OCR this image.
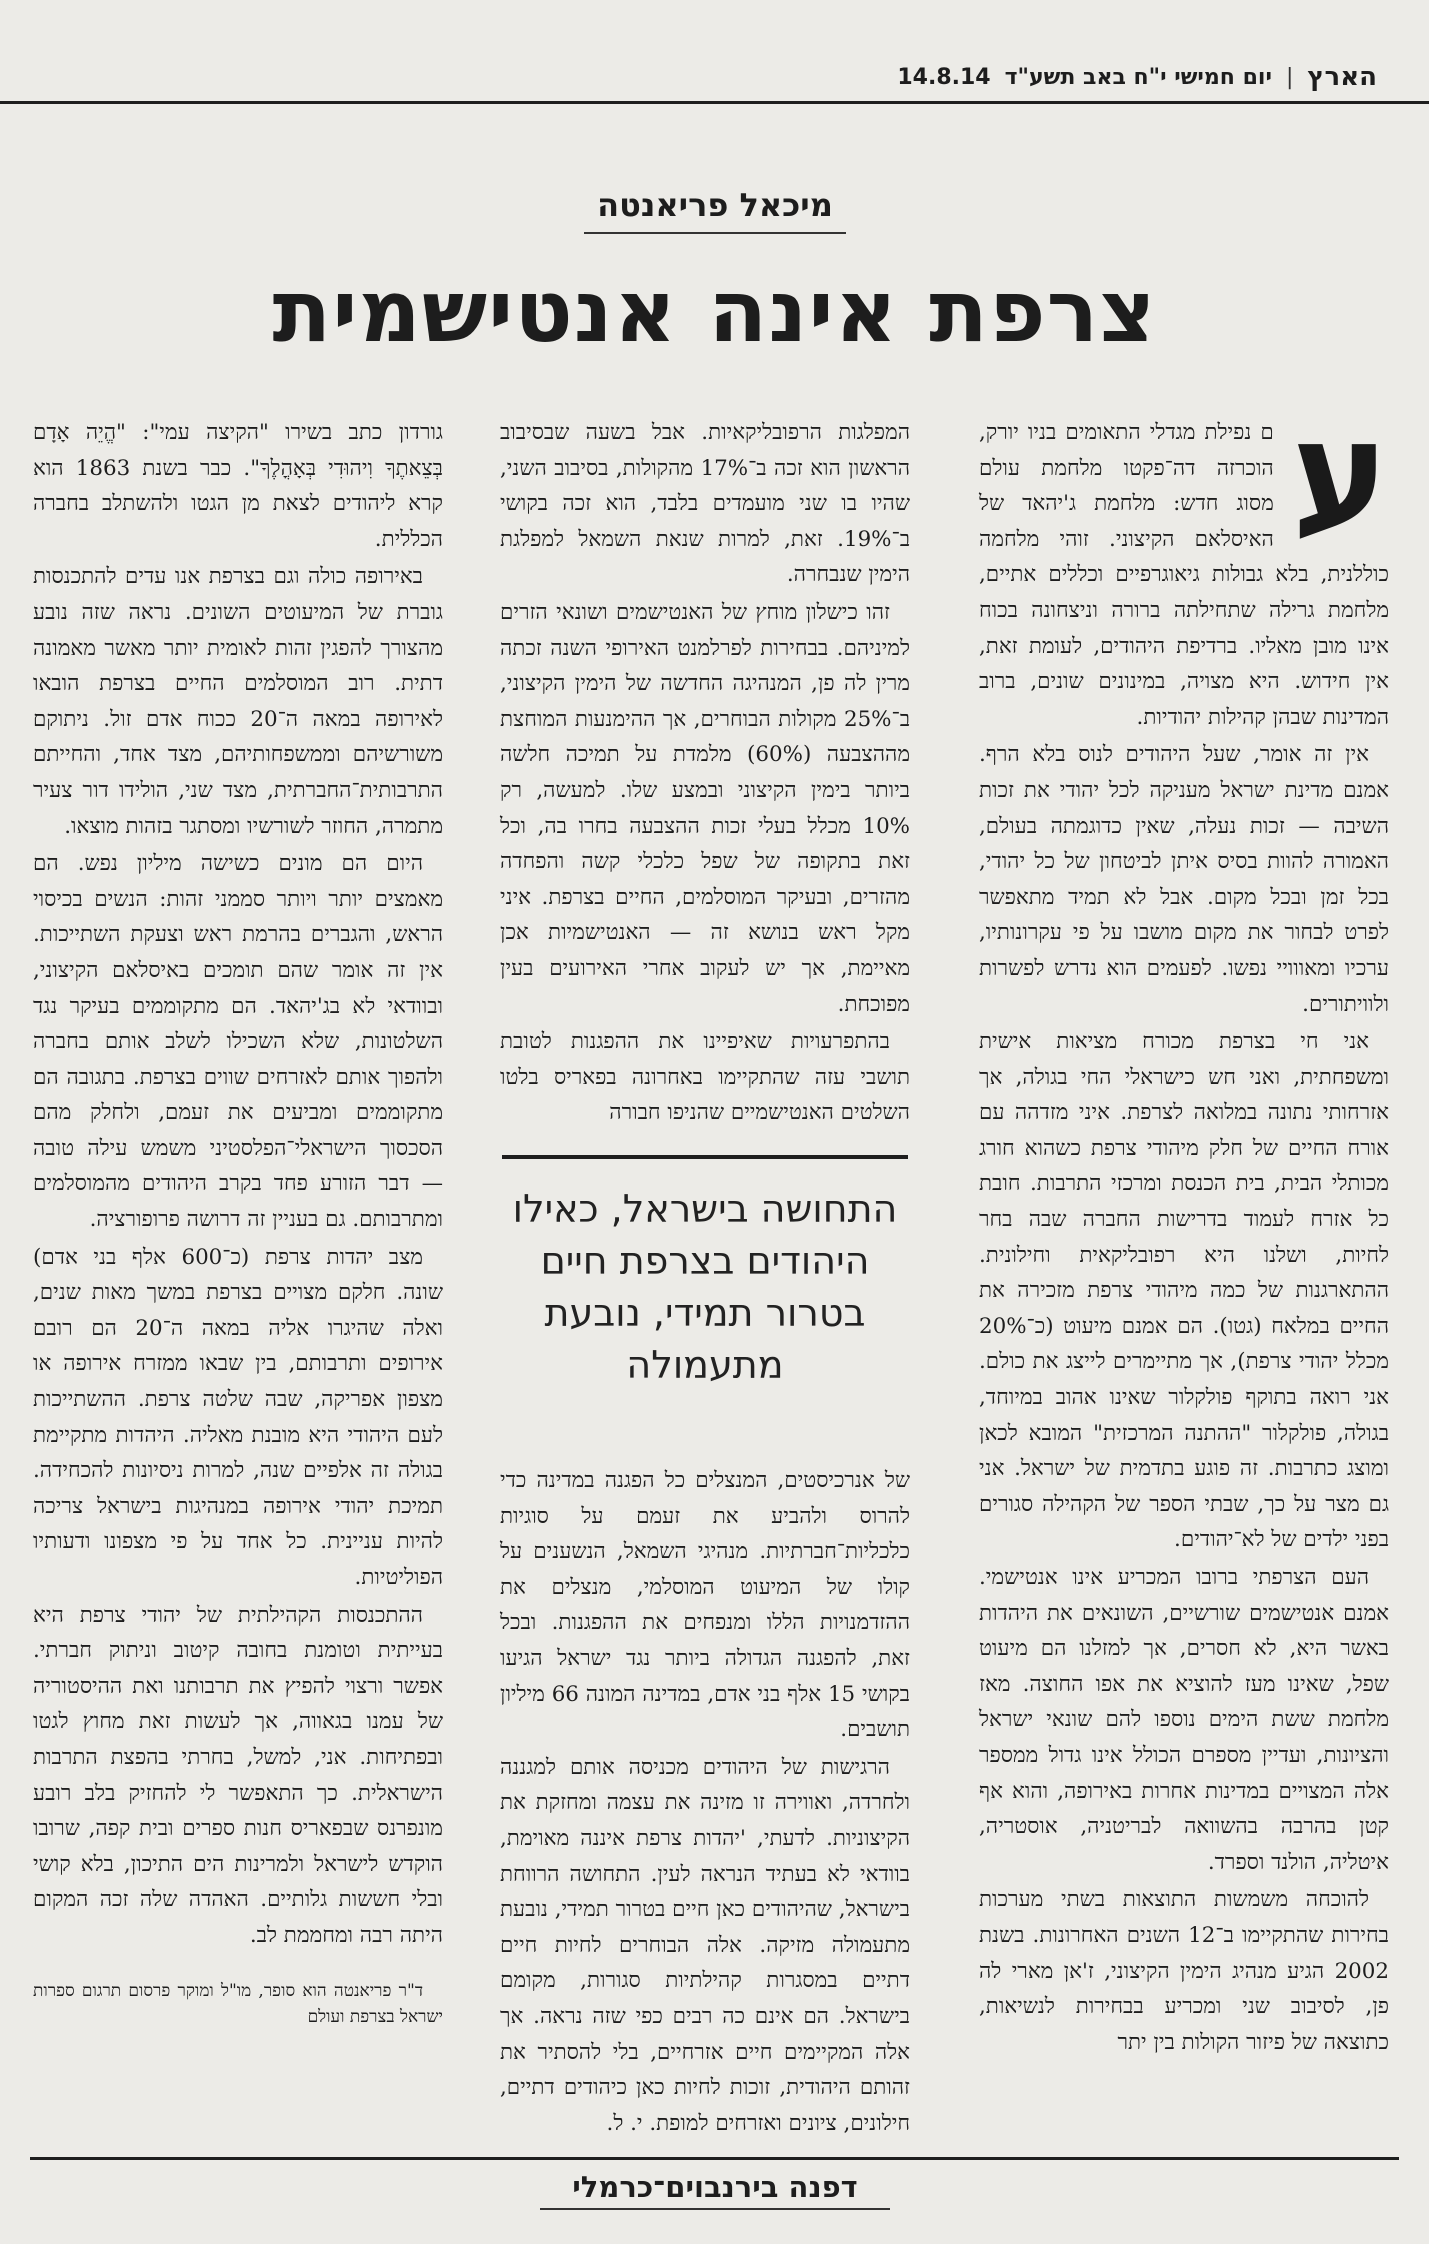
הארץ
|
יום חמישי י"ח באב תשע"ד
14.8.14
מיכאל פריאנטה
צרפת אינה אנטישמית
ע

ם נפילת מגדלי התאומים בניו יורק, הוכרזה דה־פקטו מלחמת עולם מסוג חדש: מלחמת ג'יהאד של האיסלאם הקיצוני. זוהי מלחמה כוללנית, בלא גבולות גיאוגרפיים וכללים אתיים, מלחמת גרילה שתחילתה ברורה וניצחונה בכוח אינו מובן מאליו. ברדיפת היהודים, לעומת זאת, אין חידוש. היא מצויה, במינונים שונים, ברוב המדינות שבהן קהילות יהודיות.

אין זה אומר, שעל היהודים לנוס בלא הרף. אמנם מדינת ישראל מעניקה לכל יהודי את זכות השיבה — זכות נעלה, שאין כדוגמתה בעולם, האמורה להוות בסיס איתן לביטחון של כל יהודי, בכל זמן ובכל מקום. אבל לא תמיד מתאפשר לפרט לבחור את מקום מושבו על פי עקרונותיו, ערכיו ומאווויי נפשו. לפעמים הוא נדרש לפשרות ולוויתורים.

אני חי בצרפת מכורח מציאות אישית ומשפחתית, ואני חש כישראלי החי בגולה, אך אזרחותי נתונה במלואה לצרפת. איני מזדהה עם אורח החיים של חלק מיהודי צרפת כשהוא חורג מכותלי הבית, בית הכנסת ומרכזי התרבות. חובת כל אזרח לעמוד בדרישות החברה שבה בחר לחיות, ושלנו היא רפובליקאית וחילונית. ההתארגנות של כמה מיהודי צרפת מזכירה את החיים במלאח (גטו). הם אמנם מיעוט (כ־20% מכלל יהודי צרפת), אך מתיימרים לייצג את כולם. אני רואה בתוקף פולקלור שאינו אהוב במיוחד, בגולה, פולקלור "ההתנה המרכזית" המובא לכאן ומוצג כתרבות. זה פוגע בתדמית של ישראל. אני גם מצר על כך, שבתי הספר של הקהילה סגורים בפני ילדים של לא־יהודים.

העם הצרפתי ברובו המכריע אינו אנטישמי. אמנם אנטישמים שורשיים, השונאים את היהדות באשר היא, לא חסרים, אך למזלנו הם מיעוט שפל, שאינו מעז להוציא את אפו החוצה. מאז מלחמת ששת הימים נוספו להם שונאי ישראל והציונות, ועדיין מספרם הכולל אינו גדול ממספר אלה המצויים במדינות אחרות באירופה, והוא אף קטן בהרבה בהשוואה לבריטניה, אוסטריה, איטליה, הולנד וספרד.

להוכחה משמשות התוצאות בשתי מערכות בחירות שהתקיימו ב־12 השנים האחרונות. בשנת 2002 הגיע מנהיג הימין הקיצוני, ז'אן מארי לה פן, לסיבוב שני ומכריע בבחירות לנשיאות, כתוצאה של פיזור הקולות בין יתר

המפלגות הרפובליקאיות. אבל בשעה שבסיבוב הראשון הוא זכה ב־17% מהקולות, בסיבוב השני, שהיו בו שני מועמדים בלבד, הוא זכה בקושי ב־19%. זאת, למרות שנאת השמאל למפלגת הימין שנבחרה.

זהו כישלון מוחץ של האנטישמים ושונאי הזרים למיניהם. בבחירות לפרלמנט האירופי השנה זכתה מרין לה פן, המנהיגה החדשה של הימין הקיצוני, ב־25% מקולות הבוחרים, אך ההימנעות המוחצת מההצבעה (60%) מלמדת על תמיכה חלשה ביותר בימין הקיצוני ובמצע שלו. למעשה, רק 10% מכלל בעלי זכות ההצבעה בחרו בה, וכל זאת בתקופה של שפל כלכלי קשה והפחדה מהזרים, ובעיקר המוסלמים, החיים בצרפת. איני מקל ראש בנושא זה — האנטישמיות אכן מאיימת, אך יש לעקוב אחרי האירועים בעין מפוכחת.

בהתפרעויות שאיפיינו את ההפגנות לטובת תושבי עזה שהתקיימו באחרונה בפאריס בלטו השלטים האנטישמיים שהניפו חבורה

התחושה בישראל, כאילו היהודים בצרפת חיים בטרור תמידי, נובעת מתעמולה

של אנרכיסטים, המנצלים כל הפגנה במדינה כדי להרוס ולהביע את זעמם על סוגיות כלכליות־חברתיות. מנהיגי השמאל, הנשענים על קולו של המיעוט המוסלמי, מנצלים את ההזדמנויות הללו ומנפחים את ההפגנות. ובכל זאת, להפגנה הגדולה ביותר נגד ישראל הגיעו בקושי 15 אלף בני אדם, במדינה המונה 66 מיליון תושבים.

הרגישות של היהודים מכניסה אותם למגננה ולחרדה, ואווירה זו מזינה את עצמה ומחזקת את הקיצוניות. לדעתי, 'יהדות צרפת איננה מאוימת, בוודאי לא בעתיד הנראה לעין. התחושה הרווחת בישראל, שהיהודים כאן חיים בטרור תמידי, נובעת מתעמולה מזיקה. אלה הבוחרים לחיות חיים דתיים במסגרות קהילתיות סגורות, מקומם בישראל. הם אינם כה רבים כפי שזה נראה. אך אלה המקיימים חיים אזרחיים, בלי להסתיר את זהותם היהודית, זוכות לחיות כאן כיהודים דתיים, חילונים, ציונים ואזרחים למופת. י. ל.

גורדון כתב בשירו "הקיצה עמי": "הֱיֵה אָדָם בְּצֵאתֶךָ וִיהוּדִי בְּאָהֳלֶךָ". כבר בשנת 1863 הוא קרא ליהודים לצאת מן הגטו ולהשתלב בחברה הכללית.

באירופה כולה וגם בצרפת אנו עדים להתכנסות גוברת של המיעוטים השונים. נראה שזה נובע מהצורך להפגין זהות לאומית יותר מאשר מאמונה דתית. רוב המוסלמים החיים בצרפת הובאו לאירופה במאה ה־20 ככוח אדם זול. ניתוקם משורשיהם וממשפחותיהם, מצד אחד, והחייתם התרבותית־החברתית, מצד שני, הולידו דור צעיר מתמרה, החוזר לשורשיו ומסתגר בזהות מוצאו.

היום הם מונים כשישה מיליון נפש. הם מאמצים יותר ויותר סממני זהות: הנשים בכיסוי הראש, והגברים בהרמת ראש וצעקת השתייכות. אין זה אומר שהם תומכים באיסלאם הקיצוני, ובוודאי לא בג'יהאד. הם מתקוממים בעיקר נגד השלטונות, שלא השכילו לשלב אותם בחברה ולהפוך אותם לאזרחים שווים בצרפת. בתגובה הם מתקוממים ומביעים את זעמם, ולחלק מהם הסכסוך הישראלי־הפלסטיני משמש עילה טובה — דבר הזורע פחד בקרב היהודים מהמוסלמים ומתרבותם. גם בעניין זה דרושה פרופורציה.

מצב יהדות צרפת (כ־600 אלף בני אדם) שונה. חלקם מצויים בצרפת במשך מאות שנים, ואלה שהיגרו אליה במאה ה־20 הם רובם אירופים ותרבותם, בין שבאו ממזרח אירופה או מצפון אפריקה, שבה שלטה צרפת. ההשתייכות לעם היהודי היא מובנת מאליה. היהדות מתקיימת בגולה זה אלפיים שנה, למרות ניסיונות להכחידה. תמיכת יהודי אירופה במנהיגות בישראל צריכה להיות עניינית. כל אחד על פי מצפונו ודעותיו הפוליטיות.

ההתכנסות הקהילתית של יהודי צרפת היא בעייתית וטומנת בחובה קיטוב וניתוק חברתי. אפשר ורצוי להפיץ את תרבותנו ואת ההיסטוריה של עמנו בגאווה, אך לעשות זאת מחוץ לגטו ובפתיחות. אני, למשל, בחרתי בהפצת התרבות הישראלית. כך התאפשר לי להחזיק בלב רובע מונפרנס שבפאריס חנות ספרים ובית קפה, שרובו הוקדש לישראל ולמרינות הים התיכון, בלא קושי ובלי חששות גלותיים. האהדה שלה זכה המקום היתה רבה ומחממת לב.

ד"ר פריאנטה הוא סופר, מו"ל ומוקר פרסום תרגום ספרות ישראל בצרפת ועולם

דפנה בירנבוים־כרמלי
